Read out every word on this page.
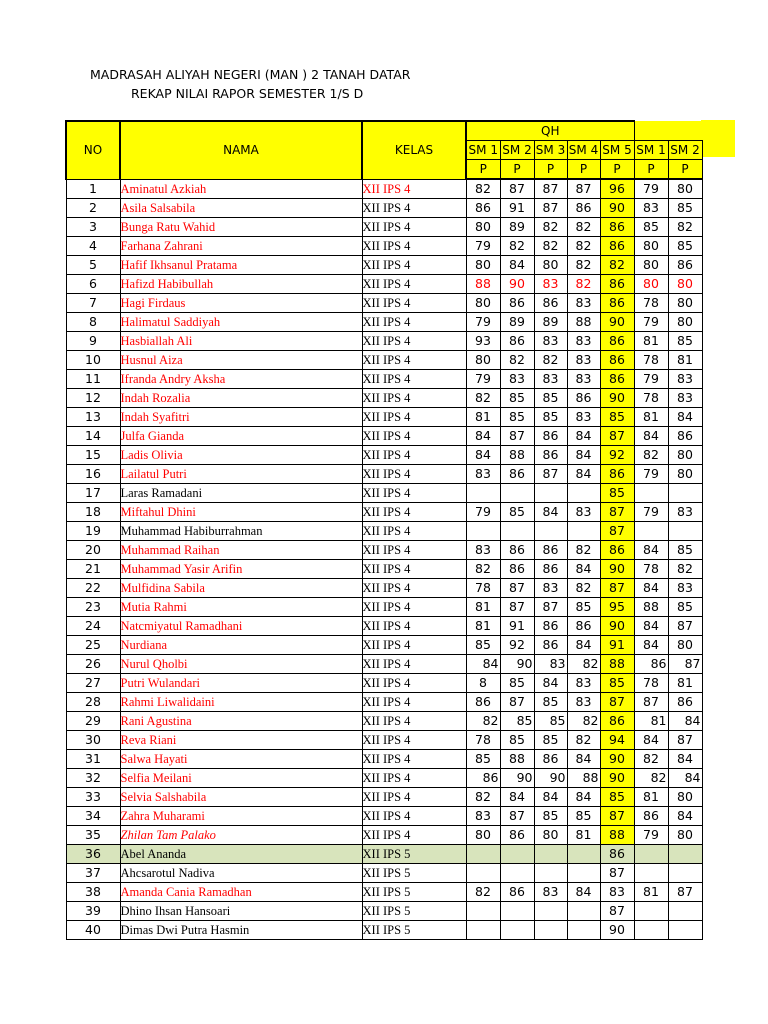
MADRASAH ALIYAH NEGERI (MAN ) 2 TANAH DATAR
REKAP NILAI RAPOR SEMESTER 1/S D
NO	NAMA	KELAS	QH						
			SM 1	SM 2	SM 3	SM 4	SM 5	SM 1	SM 2
			P	P	P	P	P	P	P
1	Aminatul Azkiah	XII IPS 4	82	87	87	87	96	79	80
2	Asila Salsabila	XII IPS 4	86	91	87	86	90	83	85
3	Bunga Ratu Wahid	XII IPS 4	80	89	82	82	86	85	82
4	Farhana Zahrani	XII IPS 4	79	82	82	82	86	80	85
5	Hafif Ikhsanul Pratama	XII IPS 4	80	84	80	82	82	80	86
6	Hafizd Habibullah	XII IPS 4	88	90	83	82	86	80	80
7	Hagi Firdaus	XII IPS 4	80	86	86	83	86	78	80
8	Halimatul Saddiyah	XII IPS 4	79	89	89	88	90	79	80
9	Hasbiallah Ali	XII IPS 4	93	86	83	83	86	81	85
10	Husnul Aiza	XII IPS 4	80	82	82	83	86	78	81
11	Ifranda Andry Aksha	XII IPS 4	79	83	83	83	86	79	83
12	Indah Rozalia	XII IPS 4	82	85	85	86	90	78	83
13	Indah Syafitri	XII IPS 4	81	85	85	83	85	81	84
14	Julfa Gianda	XII IPS 4	84	87	86	84	87	84	86
15	Ladis Olivia	XII IPS 4	84	88	86	84	92	82	80
16	Lailatul Putri	XII IPS 4	83	86	87	84	86	79	80
17	Laras Ramadani	XII IPS 4					85		
18	Miftahul Dhini	XII IPS 4	79	85	84	83	87	79	83
19	Muhammad Habiburrahman	XII IPS 4					87		
20	Muhammad Raihan	XII IPS 4	83	86	86	82	86	84	85
21	Muhammad Yasir Arifin	XII IPS 4	82	86	86	84	90	78	82
22	Mulfidina Sabila	XII IPS 4	78	87	83	82	87	84	83
23	Mutia Rahmi	XII IPS 4	81	87	87	85	95	88	85
24	Natcmiyatul Ramadhani	XII IPS 4	81	91	86	86	90	84	87
25	Nurdiana	XII IPS 4	85	92	86	84	91	84	80
26	Nurul Qholbi	XII IPS 4	84	90	83	82	88	86	87
27	Putri Wulandari	XII IPS 4	8	85	84	83	85	78	81
28	Rahmi Liwalidaini	XII IPS 4	86	87	85	83	87	87	86
29	Rani Agustina	XII IPS 4	82	85	85	82	86	81	84
30	Reva Riani	XII IPS 4	78	85	85	82	94	84	87
31	Salwa Hayati	XII IPS 4	85	88	86	84	90	82	84
32	Selfia Meilani	XII IPS 4	86	90	90	88	90	82	84
33	Selvia Salshabila	XII IPS 4	82	84	84	84	85	81	80
34	Zahra Muharami	XII IPS 4	83	87	85	85	87	86	84
35	Zhilan Tam Palako	XII IPS 4	80	86	80	81	88	79	80
36	Abel Ananda	XII IPS 5					86		
37	Ahcsarotul Nadiva	XII IPS 5					87		
38	Amanda Cania Ramadhan	XII IPS 5	82	86	83	84	83	81	87
39	Dhino Ihsan Hansoari	XII IPS 5					87		
40	Dimas Dwi Putra Hasmin	XII IPS 5					90		
